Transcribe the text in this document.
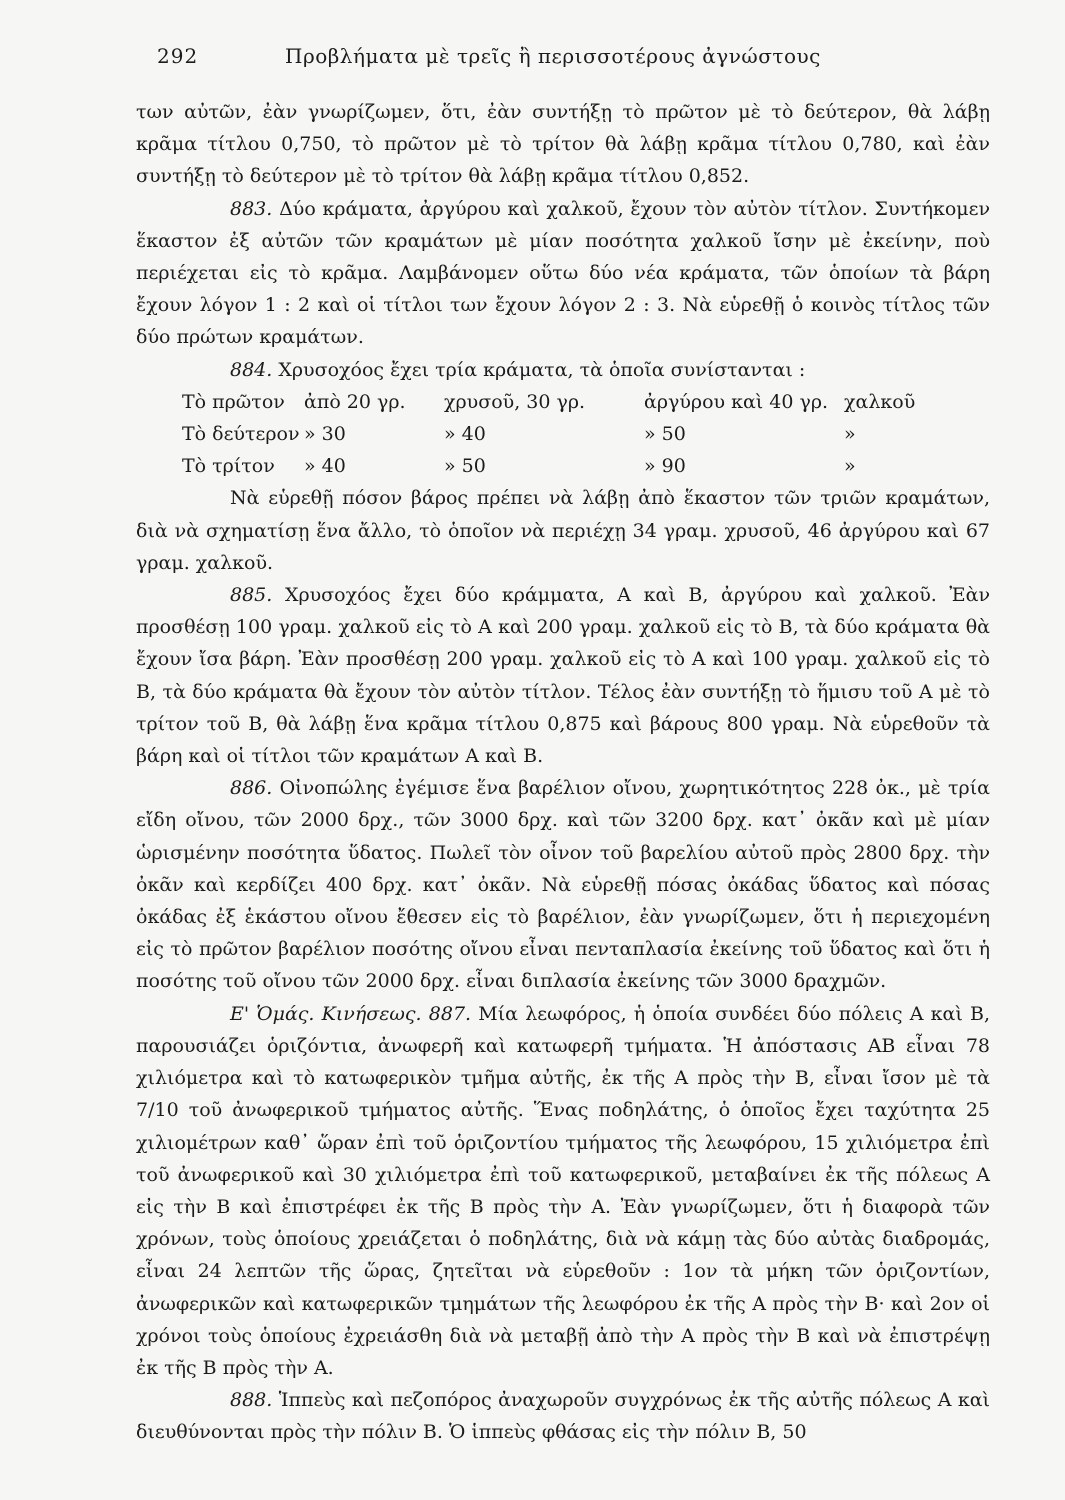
292	Προβλήματα μὲ τρεῖς ἢ περισσοτέρους ἀγνώστους

των αὐτῶν, ἐὰν γνωρίζωμεν, ὅτι, ἐὰν συντήξῃ τὸ πρῶτον μὲ τὸ δεύτερον, θὰ λάβῃ κρᾶμα τίτλου 0,750, τὸ πρῶτον μὲ τὸ τρίτον θὰ λάβῃ κρᾶμα τίτλου 0,780, καὶ ἐὰν συντήξῃ τὸ δεύτερον μὲ τὸ τρίτον θὰ λάβῃ κρᾶμα τίτλου 0,852.

883. Δύο κράματα, ἀργύρου καὶ χαλκοῦ, ἔχουν τὸν αὐτὸν τίτλον. Συντήκομεν ἕκαστον ἐξ αὐτῶν τῶν κραμάτων μὲ μίαν ποσότητα χαλκοῦ ἴσην μὲ ἐκείνην, ποὺ περιέχεται εἰς τὸ κρᾶμα. Λαμβάνομεν οὕτω δύο νέα κράματα, τῶν ὁποίων τὰ βάρη ἔχουν λόγον 1 : 2 καὶ οἱ τίτλοι των ἔχουν λόγον 2 : 3. Νὰ εὑρεθῇ ὁ κοινὸς τίτλος τῶν δύο πρώτων κραμάτων.

884. Χρυσοχόος ἔχει τρία κράματα, τὰ ὁποῖα συνίστανται :

Τὸ πρῶτον	ἀπὸ 20 γρ.	χρυσοῦ, 30 γρ.	ἀργύρου καὶ 40 γρ.	χαλκοῦ
Τὸ δεύτερον	» 30	» 40	» 50	»
Τὸ τρίτον	» 40	» 50	» 90	»

Νὰ εὑρεθῇ πόσον βάρος πρέπει νὰ λάβῃ ἀπὸ ἕκαστον τῶν τριῶν κραμάτων, διὰ νὰ σχηματίσῃ ἕνα ἄλλο, τὸ ὁποῖον νὰ περιέχῃ 34 γραμ. χρυσοῦ, 46 ἀργύρου καὶ 67 γραμ. χαλκοῦ.

885. Χρυσοχόος ἔχει δύο κράμματα, Α καὶ Β, ἀργύρου καὶ χαλκοῦ. Ἐὰν προσθέσῃ 100 γραμ. χαλκοῦ εἰς τὸ Α καὶ 200 γραμ. χαλκοῦ εἰς τὸ Β, τὰ δύο κράματα θὰ ἔχουν ἴσα βάρη. Ἐὰν προσθέσῃ 200 γραμ. χαλκοῦ εἰς τὸ Α καὶ 100 γραμ. χαλκοῦ εἰς τὸ Β, τὰ δύο κράματα θὰ ἔχουν τὸν αὐτὸν τίτλον. Τέλος ἐὰν συντήξῃ τὸ ἥμισυ τοῦ Α μὲ τὸ τρίτον τοῦ Β, θὰ λάβῃ ἕνα κρᾶμα τίτλου 0,875 καὶ βάρους 800 γραμ. Νὰ εὑρεθοῦν τὰ βάρη καὶ οἱ τίτλοι τῶν κραμάτων Α καὶ Β.

886. Οἰνοπώλης ἐγέμισε ἕνα βαρέλιον οἴνου, χωρητικότητος 228 ὀκ., μὲ τρία εἴδη οἴνου, τῶν 2000 δρχ., τῶν 3000 δρχ. καὶ τῶν 3200 δρχ. κατ᾽ ὀκᾶν καὶ μὲ μίαν ὡρισμένην ποσότητα ὕδατος. Πωλεῖ τὸν οἶνον τοῦ βαρελίου αὐτοῦ πρὸς 2800 δρχ. τὴν ὀκᾶν καὶ κερδίζει 400 δρχ. κατ᾽ ὀκᾶν. Νὰ εὑρεθῇ πόσας ὀκάδας ὕδατος καὶ πόσας ὀκάδας ἐξ ἑκάστου οἴνου ἔθεσεν εἰς τὸ βαρέλιον, ἐὰν γνωρίζωμεν, ὅτι ἡ περιεχομένη εἰς τὸ πρῶτον βαρέλιον ποσότης οἴνου εἶναι πενταπλασία ἐκείνης τοῦ ὕδατος καὶ ὅτι ἡ ποσότης τοῦ οἴνου τῶν 2000 δρχ. εἶναι διπλασία ἐκείνης τῶν 3000 δραχμῶν.

Ε' Ὁμάς. Κινήσεως. 887. Μία λεωφόρος, ἡ ὁποία συνδέει δύο πόλεις Α καὶ Β, παρουσιάζει ὁριζόντια, ἀνωφερῆ καὶ κατωφερῆ τμήματα. Ἡ ἀπόστασις ΑΒ εἶναι 78 χιλιόμετρα καὶ τὸ κατωφερικὸν τμῆμα αὐτῆς, ἐκ τῆς Α πρὸς τὴν Β, εἶναι ἴσον μὲ τὰ 7/10 τοῦ ἀνωφερικοῦ τμήματος αὐτῆς. Ἕνας ποδηλάτης, ὁ ὁποῖος ἔχει ταχύτητα 25 χιλιομέτρων καθ᾽ ὥραν ἐπὶ τοῦ ὁριζοντίου τμήματος τῆς λεωφόρου, 15 χιλιόμετρα ἐπὶ τοῦ ἀνωφερικοῦ καὶ 30 χιλιόμετρα ἐπὶ τοῦ κατωφερικοῦ, μεταβαίνει ἐκ τῆς πόλεως Α εἰς τὴν Β καὶ ἐπιστρέφει ἐκ τῆς Β πρὸς τὴν Α. Ἐὰν γνωρίζωμεν, ὅτι ἡ διαφορὰ τῶν χρόνων, τοὺς ὁποίους χρειάζεται ὁ ποδηλάτης, διὰ νὰ κάμῃ τὰς δύο αὐτὰς διαδρομάς, εἶναι 24 λεπτῶν τῆς ὥρας, ζητεῖται νὰ εὑρεθοῦν : 1ον τὰ μήκη τῶν ὁριζοντίων, ἀνωφερικῶν καὶ κατωφερικῶν τμημάτων τῆς λεωφόρου ἐκ τῆς Α πρὸς τὴν Β· καὶ 2ον οἱ χρόνοι τοὺς ὁποίους ἐχρειάσθη διὰ νὰ μεταβῇ ἀπὸ τὴν Α πρὸς τὴν Β καὶ νὰ ἐπιστρέψῃ ἐκ τῆς Β πρὸς τὴν Α.

888. Ἱππεὺς καὶ πεζοπόρος ἀναχωροῦν συγχρόνως ἐκ τῆς αὐτῆς πόλεως Α καὶ διευθύνονται πρὸς τὴν πόλιν Β. Ὁ ἱππεὺς φθάσας εἰς τὴν πόλιν Β, 50
